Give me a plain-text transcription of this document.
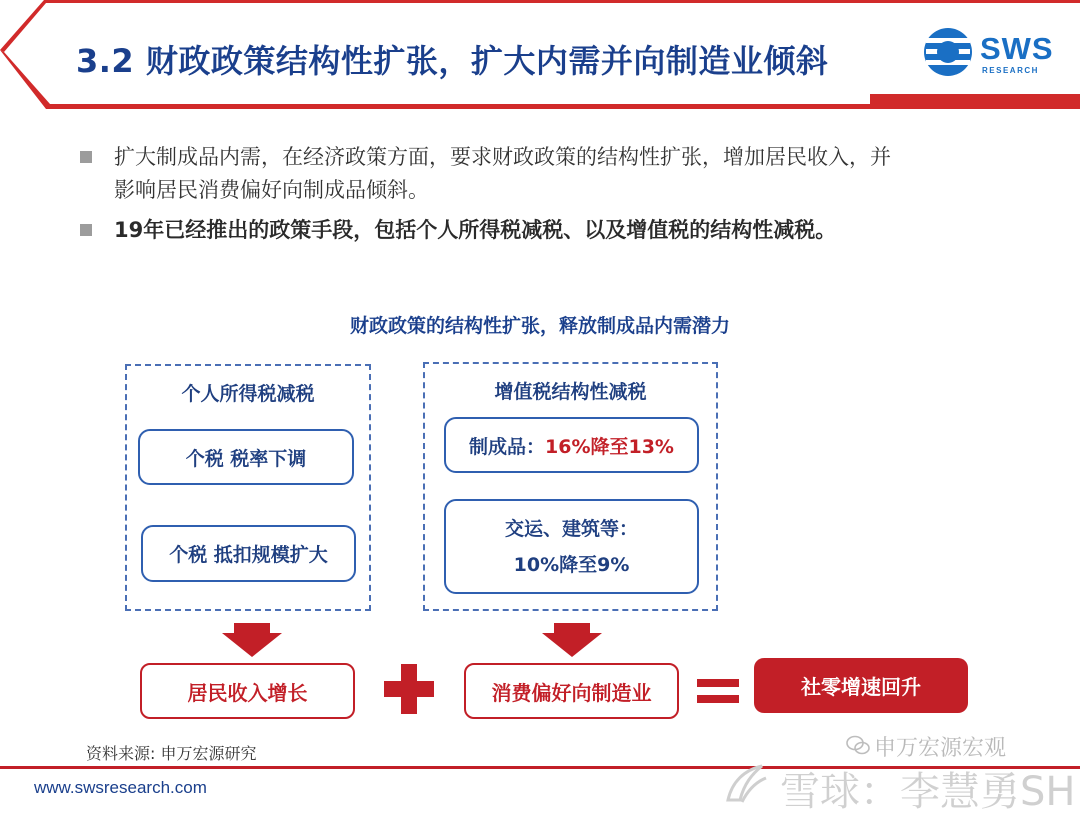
3.2 财政政策结构性扩张，扩大内需并向制造业倾斜	SWS
RESEARCH
扩大制成品内需，在经济政策方面，要求财政政策的结构性扩张，增加居民收入，并
影响居民消费偏好向制成品倾斜。
19年已经推出的政策手段，包括个人所得税减税、以及增值税的结构性减税。
财政政策的结构性扩张，释放制成品内需潜力
个人所得税减税
个税 税率下调
个税 抵扣规模扩大
增值税结构性减税
制成品： 16%降至13%
交运、建筑等：
10%降至9%
居民收入增长	消费偏好向制造业	社零增速回升
资料来源: 申万宏源研究
www.swsresearch.com
申万宏源宏观
雪球：李慧勇SH
